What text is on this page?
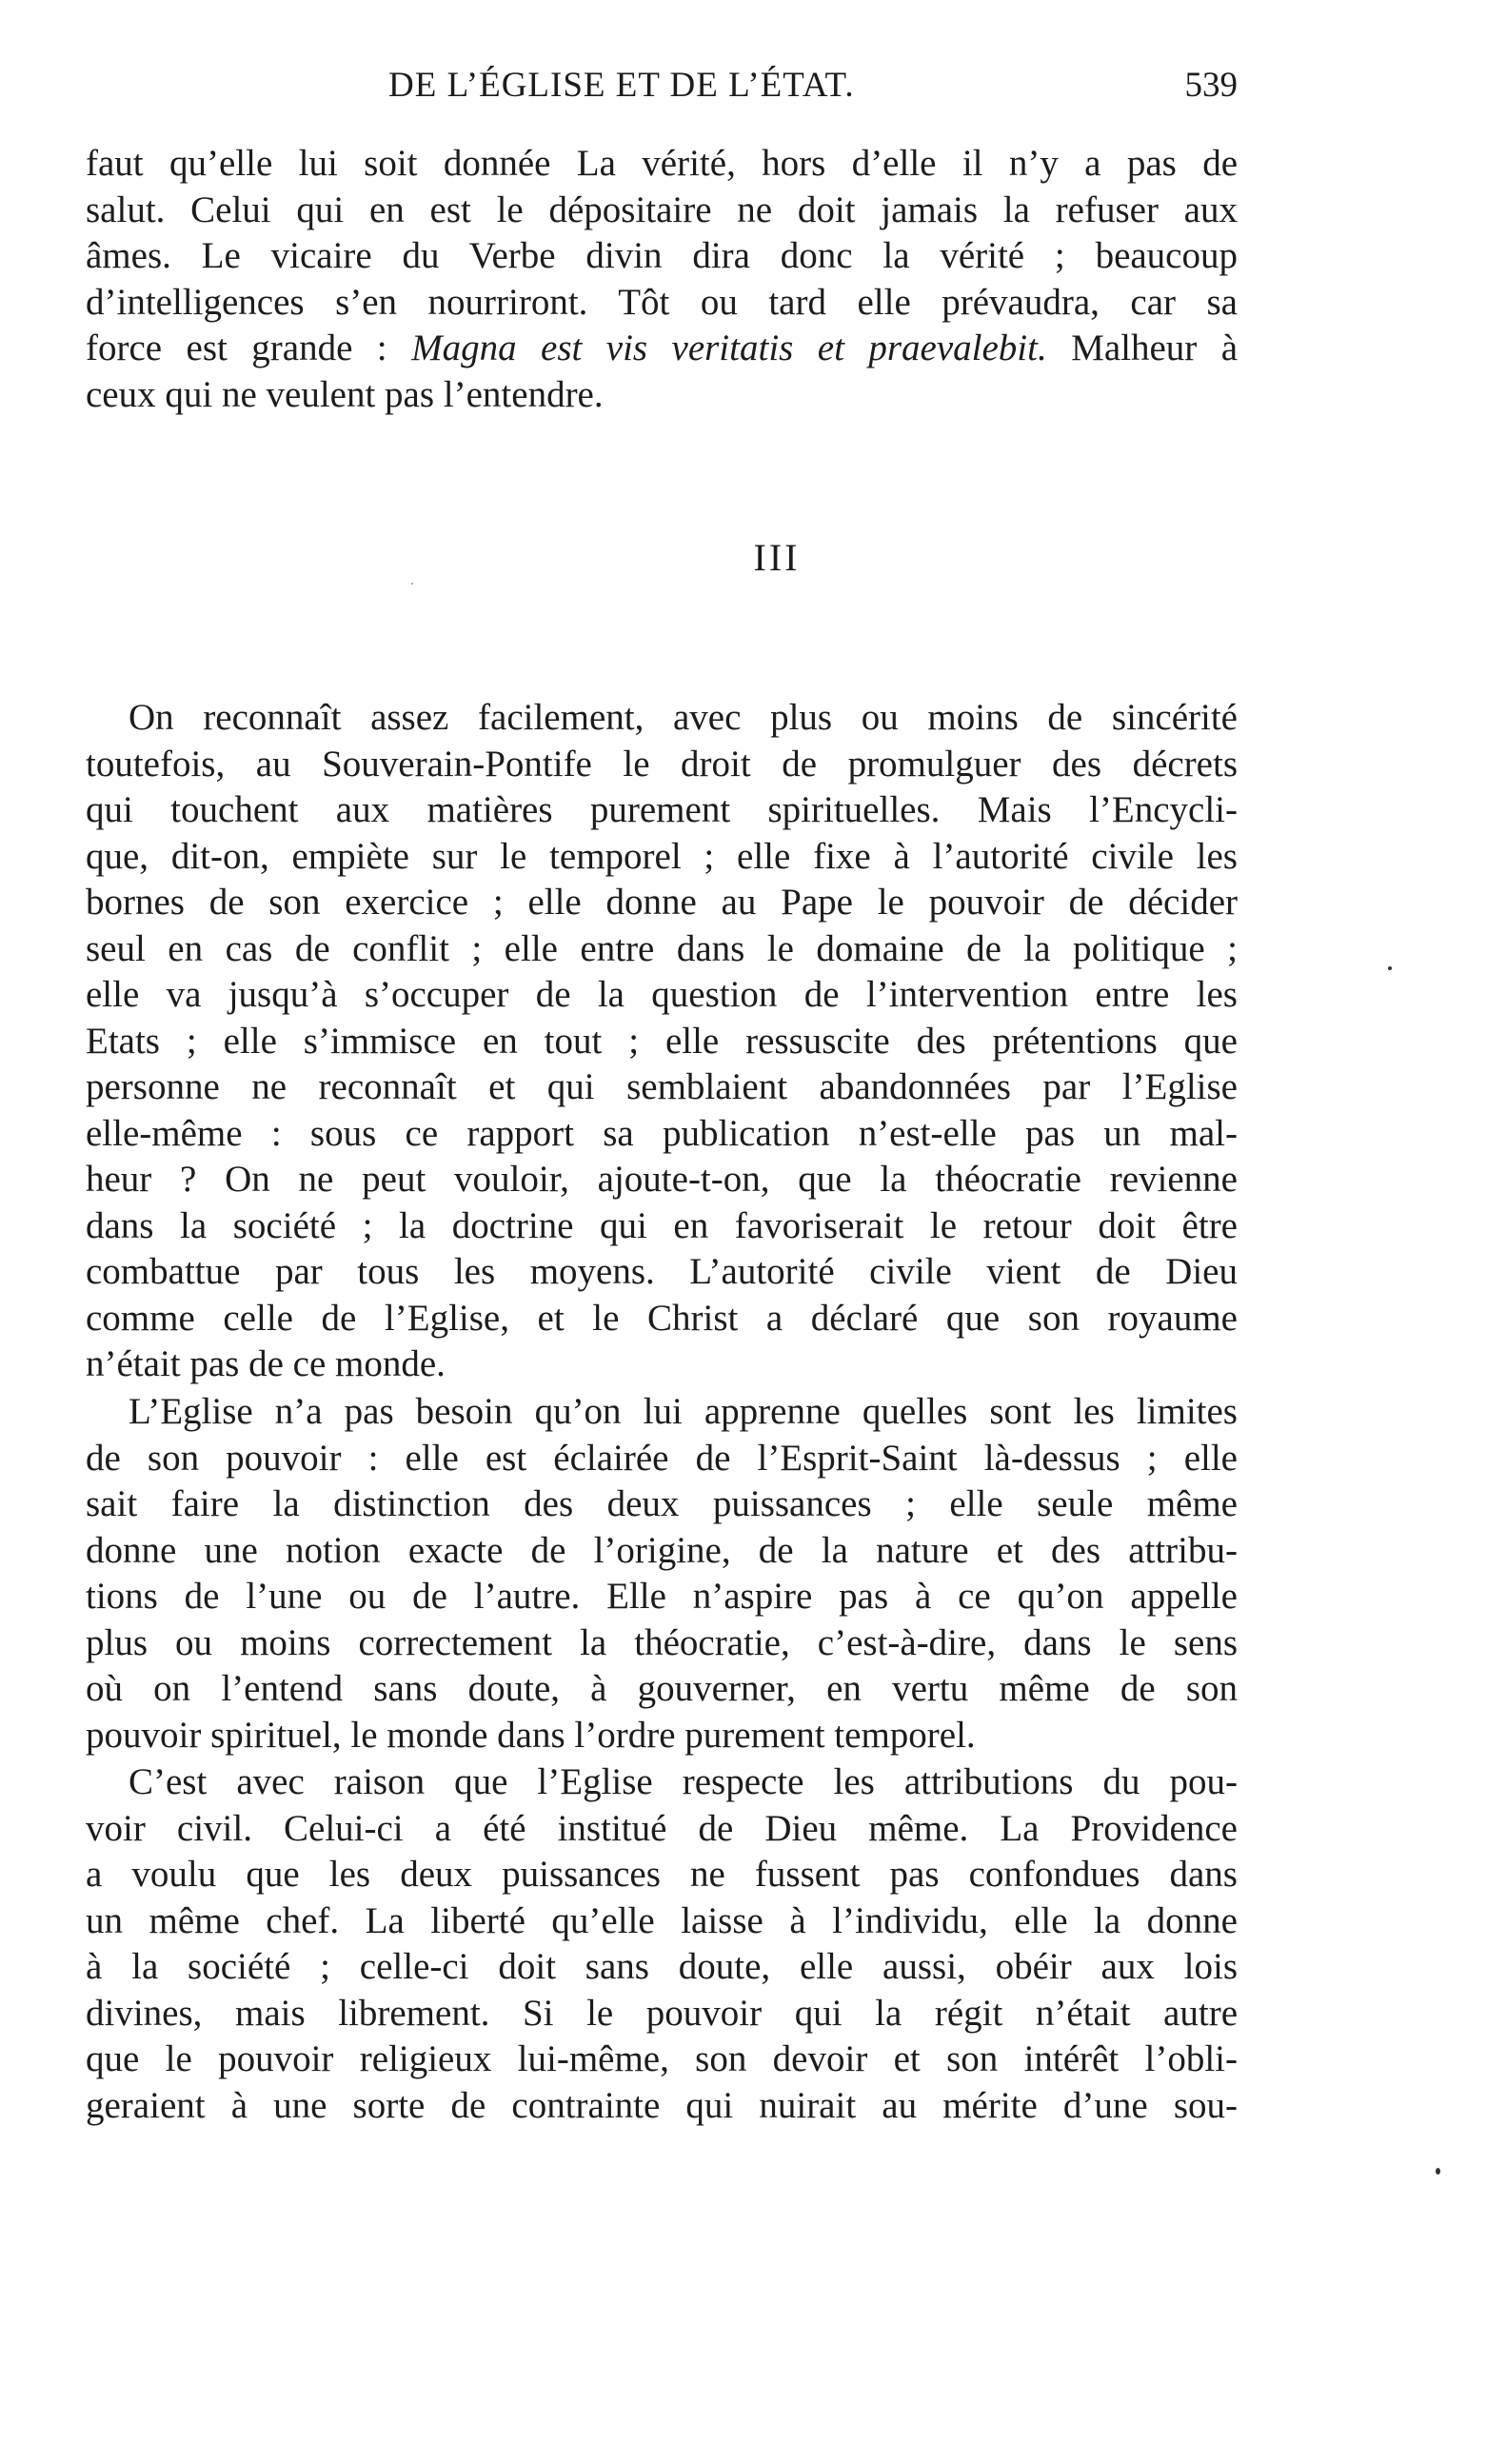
DE L’ÉGLISE ET DE L’ÉTAT.	539
faut qu’elle lui soit donnée La vérité, hors d’elle il n’y a pas de
salut. Celui qui en est le dépositaire ne doit jamais la refuser aux
âmes. Le vicaire du Verbe divin dira donc la vérité ; beaucoup
d’intelligences s’en nourriront. Tôt ou tard elle prévaudra, car sa
force est grande : Magna est vis veritatis et praevalebit. Malheur à
ceux qui ne veulent pas l’entendre.
III
On reconnaît assez facilement, avec plus ou moins de sincérité
toutefois, au Souverain-Pontife le droit de promulguer des décrets
qui touchent aux matières purement spirituelles. Mais l’Encycli-
que, dit-on, empiète sur le temporel ; elle fixe à l’autorité civile les
bornes de son exercice ; elle donne au Pape le pouvoir de décider
seul en cas de conflit ; elle entre dans le domaine de la politique ;
elle va jusqu’à s’occuper de la question de l’intervention entre les
Etats ; elle s’immisce en tout ; elle ressuscite des prétentions que
personne ne reconnaît et qui semblaient abandonnées par l’Eglise
elle-même : sous ce rapport sa publication n’est-elle pas un mal-
heur ? On ne peut vouloir, ajoute-t-on, que la théocratie revienne
dans la société ; la doctrine qui en favoriserait le retour doit être
combattue par tous les moyens. L’autorité civile vient de Dieu
comme celle de l’Eglise, et le Christ a déclaré que son royaume
n’était pas de ce monde.
L’Eglise n’a pas besoin qu’on lui apprenne quelles sont les limites
de son pouvoir : elle est éclairée de l’Esprit-Saint là-dessus ; elle
sait faire la distinction des deux puissances ; elle seule même
donne une notion exacte de l’origine, de la nature et des attribu-
tions de l’une ou de l’autre. Elle n’aspire pas à ce qu’on appelle
plus ou moins correctement la théocratie, c’est-à-dire, dans le sens
où on l’entend sans doute, à gouverner, en vertu même de son
pouvoir spirituel, le monde dans l’ordre purement temporel.
C’est avec raison que l’Eglise respecte les attributions du pou-
voir civil. Celui-ci a été institué de Dieu même. La Providence
a voulu que les deux puissances ne fussent pas confondues dans
un même chef. La liberté qu’elle laisse à l’individu, elle la donne
à la société ; celle-ci doit sans doute, elle aussi, obéir aux lois
divines, mais librement. Si le pouvoir qui la régit n’était autre
que le pouvoir religieux lui-même, son devoir et son intérêt l’obli-
geraient à une sorte de contrainte qui nuirait au mérite d’une sou-
